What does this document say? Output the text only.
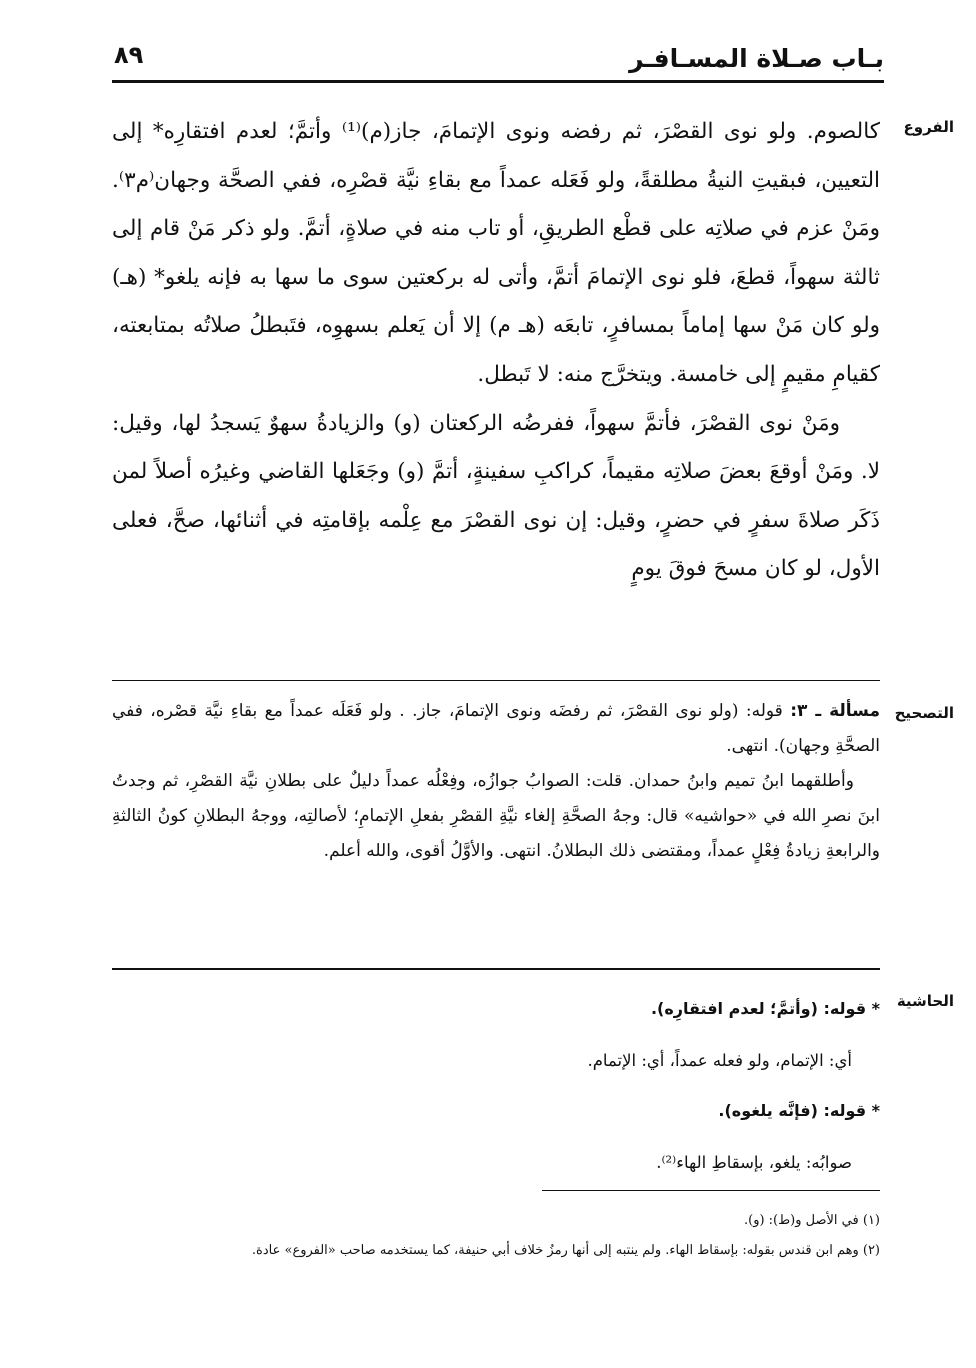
بـاب صـلاة المسـافـر
٨٩
الفروع

كالصوم. ولو نوى القصْرَ، ثم رفضه ونوى الإتمامَ، جاز(م)⁽¹⁾ وأتمَّ؛ لعدم افتقارِه* إلى التعيين، فبقيتِ النيةُ مطلقةً، ولو فَعَله عمداً مع بقاءِ نيَّة قصْرِه، ففي الصحَّة وجهان⁽م٣⁾. ومَنْ عزم في صلاتِه على قطْع الطريقِ، أو تاب منه في صلاةٍ، أتمَّ. ولو ذكر مَنْ قام إلى ثالثة سهواً، قطعَ، فلو نوى الإتمامَ أتمَّ، وأتى له بركعتين سوى ما سها به فإنه يلغو* (هـ) ولو كان مَنْ سها إماماً بمسافرٍ، تابعَه (هـ م) إلا أن يَعلم بسهوِه، فتَبطلُ صلاتُه بمتابعته، كقيامِ مقيمٍ إلى خامسة. ويتخرَّج منه: لا تَبطل.

ومَنْ نوى القصْرَ، فأتمَّ سهواً، ففرضُه الركعتان (و) والزيادةُ سهوٌ يَسجدُ لها، وقيل: لا. ومَنْ أوقعَ بعضَ صلاتِه مقيماً، كراكبِ سفينةٍ، أتمَّ (و) وجَعَلها القاضي وغيرُه أصلاً لمن ذَكَر صلاةَ سفرٍ في حضرٍ، وقيل: إن نوى القصْرَ مع عِلْمه بإقامتِه في أثنائها، صحَّ، فعلى الأول، لو كان مسحَ فوقَ يومٍ

التصحيح

مسألة ـ ٣: قوله: (ولو نوى القصْرَ، ثم رفضَه ونوى الإتمامَ، جاز. . ولو فَعَلَه عمداً مع بقاءِ نيَّة قصْره، ففي الصحَّةِ وجهان). انتهى.

وأطلقهما ابنُ تميم وابنُ حمدان. قلت: الصوابُ جوازُه، وفِعْلُه عمداً دليلٌ على بطلانِ نيَّة القصْرِ، ثم وجدتُ ابنَ نصرِ الله في «حواشيه» قال: وجهُ الصحَّةِ إلغاء نيَّةِ القصْرِ بفعلِ الإتمامِ؛ لأصالتِه، ووجهُ البطلانِ كونُ الثالثةِ والرابعةِ زيادةُ فِعْلٍ عمداً، ومقتضى ذلك البطلانُ. انتهى. والأوَّلُ أقوى، والله أعلم.

الحاشية
* قوله: (وأتمَّ؛ لعدم افتقارِه).
أي: الإتمام، ولو فعله عمداً، أي: الإتمام.
* قوله: (فإنَّه يلغوه).
صوابُه: يلغو، بإسقاطِ الهاء⁽²⁾.
(١) في الأصل و(ط): (و).
(٢) وهم ابن قندس بقوله: بإسقاط الهاء. ولم ينتبه إلى أنها رمزُ خلاف أبي حنيفة، كما يستخدمه صاحب «الفروع» عادة.
